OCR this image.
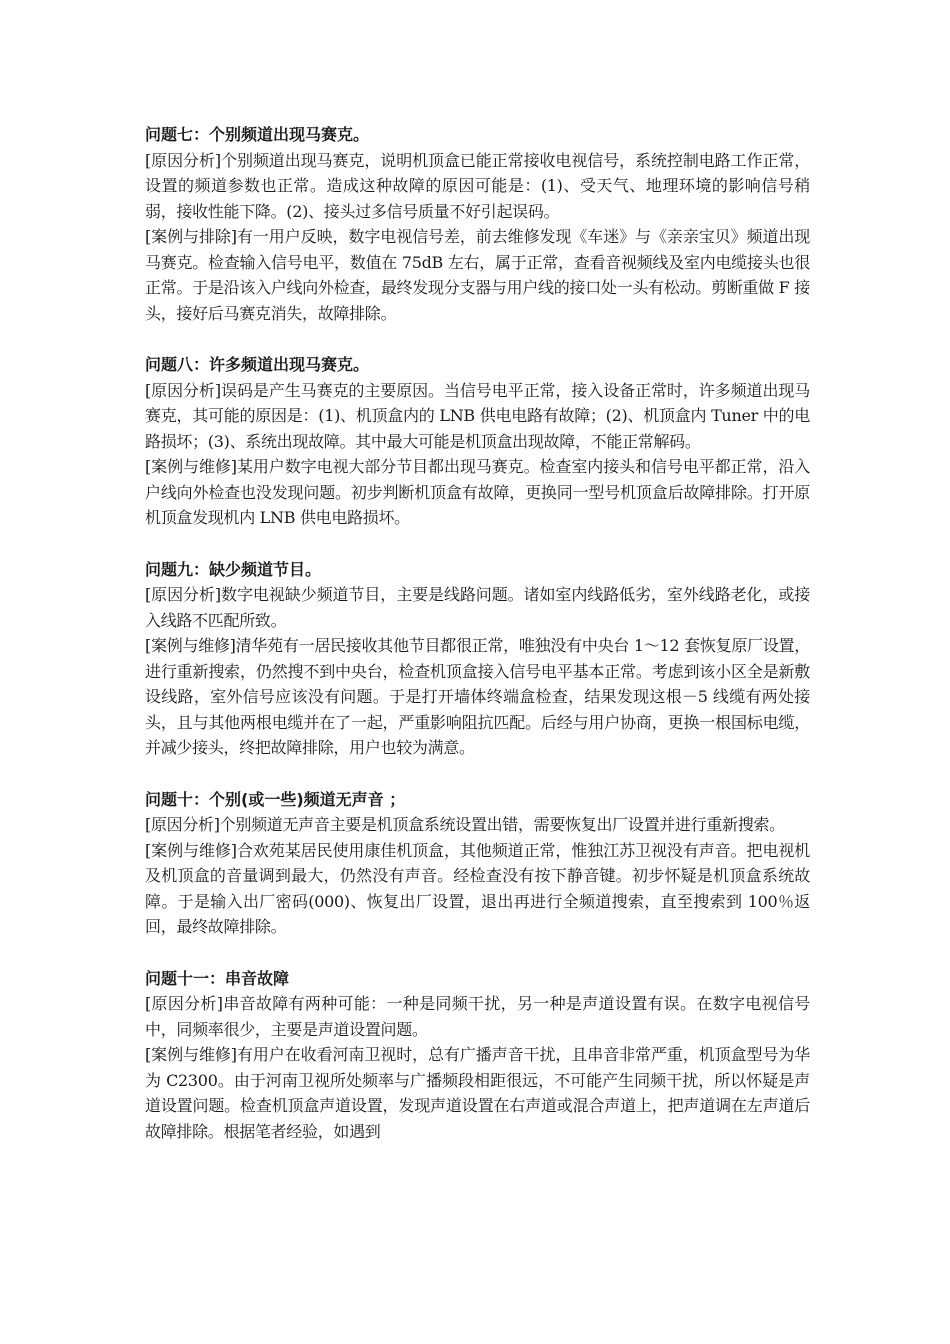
问题七：个别频道出现马赛克。

[原因分析]个别频道出现马赛克，说明机顶盒已能正常接收电视信号，系统控制电路工作正常，设置的频道参数也正常。造成这种故障的原因可能是：(1)、受天气、地理环境的影响信号稍弱，接收性能下降。(2)、接头过多信号质量不好引起误码。

[案例与排除]有一用户反映，数字电视信号差，前去维修发现《车迷》与《亲亲宝贝》频道出现马赛克。检查输入信号电平，数值在 75dB 左右，属于正常，查看音视频线及室内电缆接头也很正常。于是沿该入户线向外检查，最终发现分支器与用户线的接口处一头有松动。剪断重做 F 接头，接好后马赛克消失，故障排除。

问题八：许多频道出现马赛克。

[原因分析]误码是产生马赛克的主要原因。当信号电平正常，接入设备正常时，许多频道出现马赛克，其可能的原因是：(1)、机顶盒内的 LNB 供电电路有故障；(2)、机顶盒内 Tuner 中的电路损坏；(3)、系统出现故障。其中最大可能是机顶盒出现故障，不能正常解码。

[案例与维修]某用户数字电视大部分节目都出现马赛克。检查室内接头和信号电平都正常，沿入户线向外检查也没发现问题。初步判断机顶盒有故障，更换同一型号机顶盒后故障排除。打开原机顶盒发现机内 LNB 供电电路损坏。

问题九：缺少频道节目。

[原因分析]数字电视缺少频道节目，主要是线路问题。诸如室内线路低劣，室外线路老化，或接入线路不匹配所致。

[案例与维修]清华苑有一居民接收其他节目都很正常，唯独没有中央台 1～12 套恢复原厂设置，进行重新搜索，仍然搜不到中央台，检查机顶盒接入信号电平基本正常。考虑到该小区全是新敷设线路，室外信号应该没有问题。于是打开墙体终端盒检查，结果发现这根－5 线缆有两处接头，且与其他两根电缆并在了一起，严重影响阻抗匹配。后经与用户协商，更换一根国标电缆，并减少接头，终把故障排除，用户也较为满意。

问题十：个别(或一些)频道无声音 ；

[原因分析]个别频道无声音主要是机顶盒系统设置出错，需要恢复出厂设置并进行重新搜索。

[案例与维修]合欢苑某居民使用康佳机顶盒，其他频道正常，惟独江苏卫视没有声音。把电视机及机顶盒的音量调到最大，仍然没有声音。经检查没有按下静音键。初步怀疑是机顶盒系统故障。于是输入出厂密码(000)、恢复出厂设置，退出再进行全频道搜索，直至搜索到 100％返回，最终故障排除。

问题十一：串音故障

[原因分析]串音故障有两种可能：一种是同频干扰，另一种是声道设置有误。在数字电视信号中，同频率很少，主要是声道设置问题。

[案例与维修]有用户在收看河南卫视时，总有广播声音干扰，且串音非常严重，机顶盒型号为华为 C2300。由于河南卫视所处频率与广播频段相距很远，不可能产生同频干扰，所以怀疑是声道设置问题。检查机顶盒声道设置，发现声道设置在右声道或混合声道上，把声道调在左声道后故障排除。根据笔者经验，如遇到
